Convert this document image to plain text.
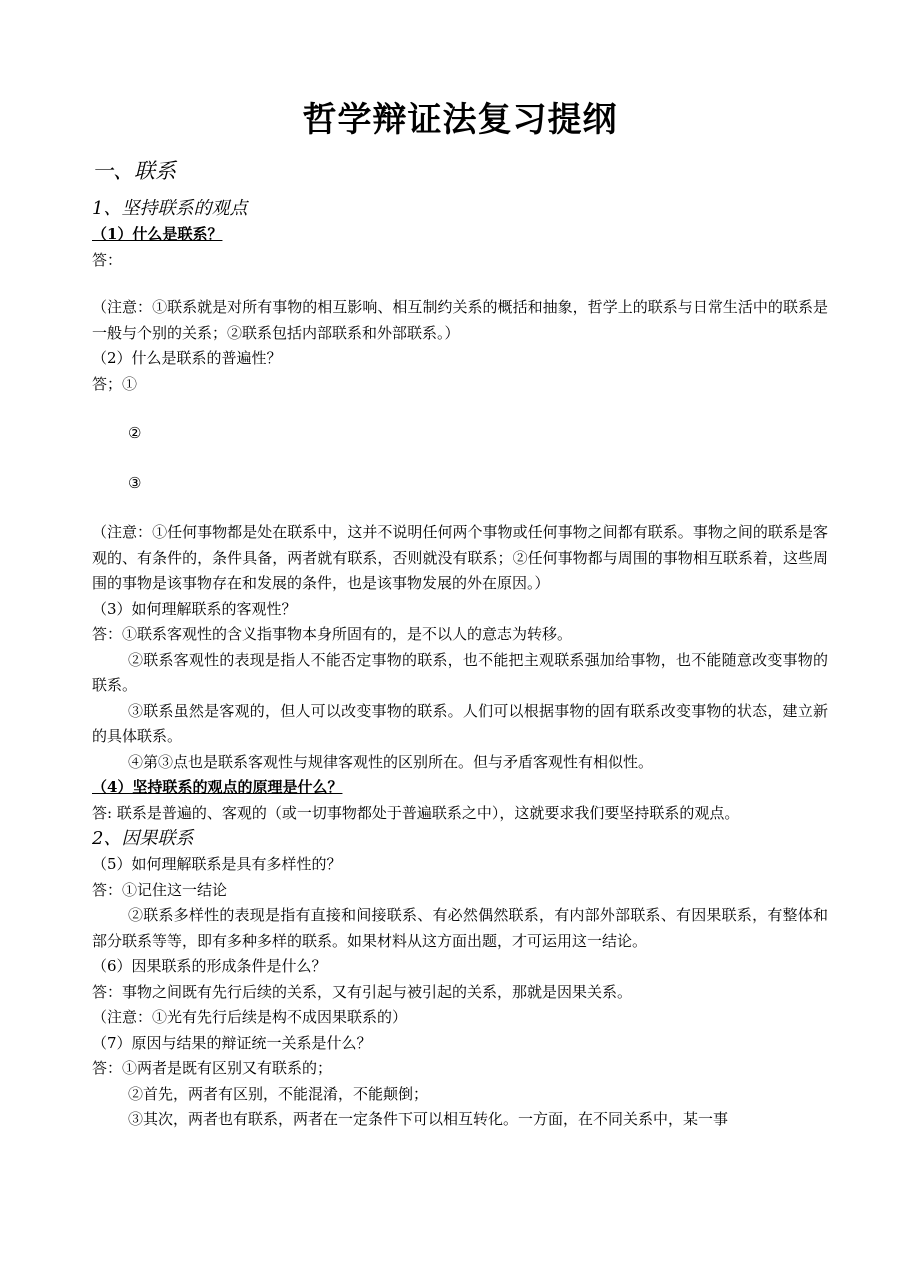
哲学辩证法复习提纲

一、联系

1、坚持联系的观点

（1）什么是联系？

答：

（注意：①联系就是对所有事物的相互影响、相互制约关系的概括和抽象，哲学上的联系与日常生活中的联系是一般与个别的关系；②联系包括内部联系和外部联系。）

（2）什么是联系的普遍性？

答；①

②

③

（注意：①任何事物都是处在联系中，这并不说明任何两个事物或任何事物之间都有联系。事物之间的联系是客观的、有条件的，条件具备，两者就有联系，否则就没有联系；②任何事物都与周围的事物相互联系着，这些周围的事物是该事物存在和发展的条件，也是该事物发展的外在原因。）

（3）如何理解联系的客观性？

答：①联系客观性的含义指事物本身所固有的，是不以人的意志为转移。

②联系客观性的表现是指人不能否定事物的联系，也不能把主观联系强加给事物，也不能随意改变事物的联系。

③联系虽然是客观的，但人可以改变事物的联系。人们可以根据事物的固有联系改变事物的状态，建立新的具体联系。

④第③点也是联系客观性与规律客观性的区别所在。但与矛盾客观性有相似性。

（4）坚持联系的观点的原理是什么？

答: 联系是普遍的、客观的（或一切事物都处于普遍联系之中），这就要求我们要坚持联系的观点。

2、因果联系

（5）如何理解联系是具有多样性的？

答：①记住这一结论

②联系多样性的表现是指有直接和间接联系、有必然偶然联系，有内部外部联系、有因果联系，有整体和部分联系等等，即有多种多样的联系。如果材料从这方面出题，才可运用这一结论。

（6）因果联系的形成条件是什么？

答：事物之间既有先行后续的关系，又有引起与被引起的关系，那就是因果关系。

（注意：①光有先行后续是构不成因果联系的）

（7）原因与结果的辩证统一关系是什么？

答：①两者是既有区别又有联系的；

②首先，两者有区别，不能混淆，不能颠倒；

③其次，两者也有联系，两者在一定条件下可以相互转化。一方面，在不同关系中，某一事
